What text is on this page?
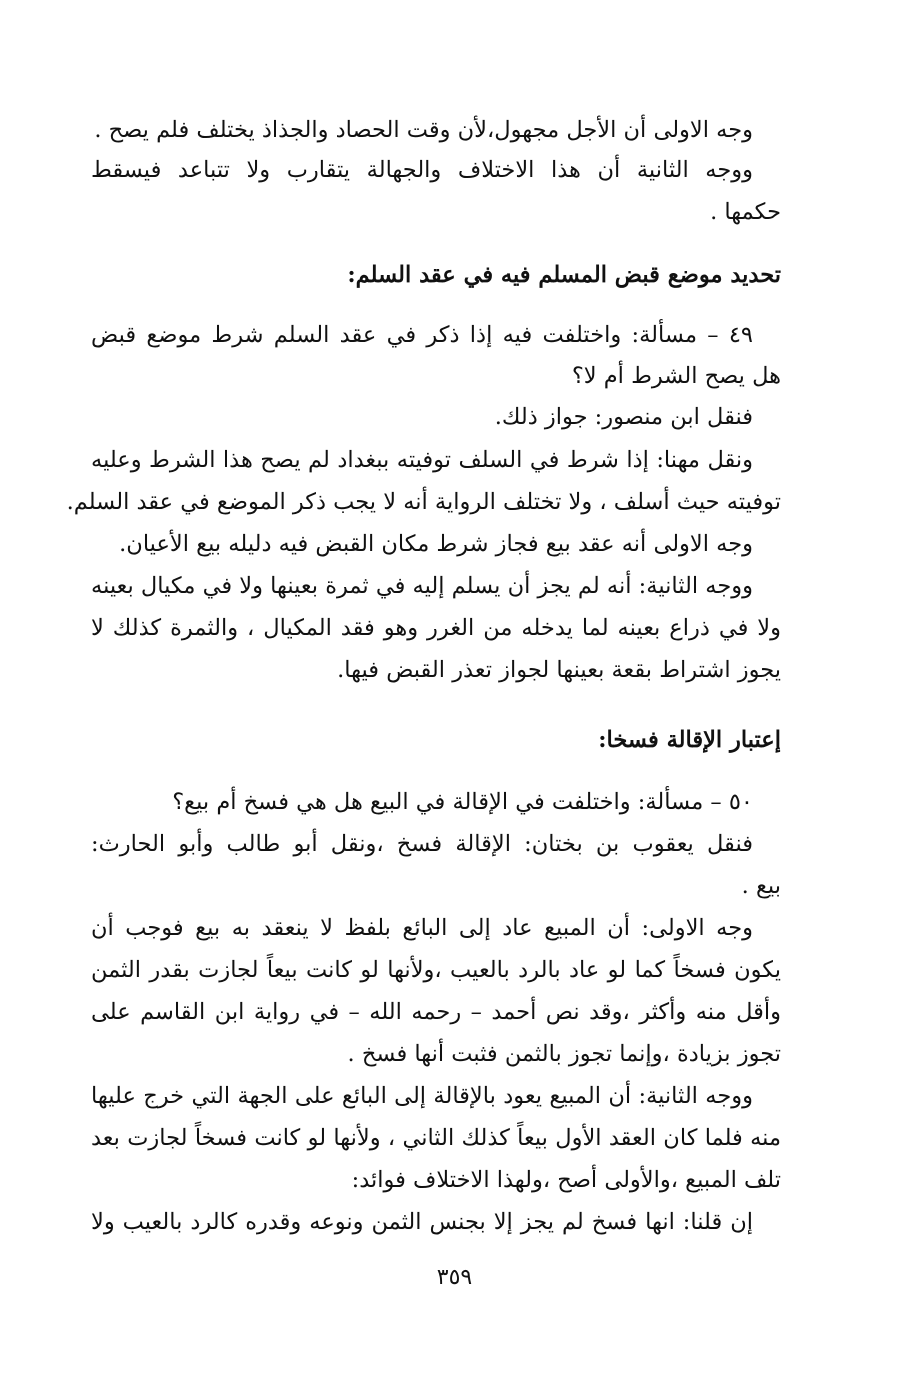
وجه الاولى أن الأجل مجهول،لأن وقت الحصاد والجذاذ يختلف فلم يصح .
ووجه الثانية أن هذا الاختلاف والجهالة يتقارب ولا تتباعد فيسقط
حكمها .
تحديد موضع قبض المسلم فيه في عقد السلم:
٤٩ – مسألة: واختلفت فيه إذا ذكر في عقد السلم شرط موضع قبض
هل يصح الشرط أم لا؟
فنقل ابن منصور: جواز ذلك.
ونقل مهنا: إذا شرط في السلف توفيته ببغداد لم يصح هذا الشرط وعليه
توفيته حيث أسلف ، ولا تختلف الرواية أنه لا يجب ذكر الموضع في عقد السلم.
وجه الاولى أنه عقد بيع فجاز شرط مكان القبض فيه دليله بيع الأعيان.
ووجه الثانية: أنه لم يجز أن يسلم إليه في ثمرة بعينها ولا في مكيال بعينه
ولا في ذراع بعينه لما يدخله من الغرر وهو فقد المكيال ، والثمرة كذلك لا
يجوز اشتراط بقعة بعينها لجواز تعذر القبض فيها.
إعتبار الإقالة فسخا:
٥٠ – مسألة: واختلفت في الإقالة في البيع هل هي فسخ أم بيع؟
فنقل يعقوب بن بختان: الإقالة فسخ ،ونقل أبو طالب وأبو الحارث:
بيع .
وجه الاولى: أن المبيع عاد إلى البائع بلفظ لا ينعقد به بيع فوجب أن
يكون فسخاً كما لو عاد بالرد بالعيب ،ولأنها لو كانت بيعاً لجازت بقدر الثمن
وأقل منه وأكثر ،وقد نص أحمد – رحمه الله – في رواية ابن القاسم على
تجوز بزيادة ،وإنما تجوز بالثمن فثبت أنها فسخ .
ووجه الثانية: أن المبيع يعود بالإقالة إلى البائع على الجهة التي خرج عليها
منه فلما كان العقد الأول بيعاً كذلك الثاني ، ولأنها لو كانت فسخاً لجازت بعد
تلف المبيع ،والأولى أصح ،ولهذا الاختلاف فوائد:
إن قلنا: انها فسخ لم يجز إلا بجنس الثمن ونوعه وقدره كالرد بالعيب ولا
٣٥٩
